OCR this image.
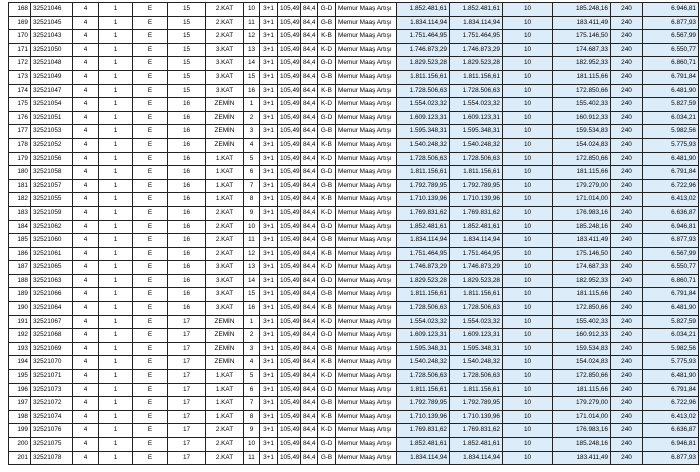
168	32521046	4	1	E	15	2.KAT	10	3+1	105,49	84,4	G-D	Memur Maaş Artışı	1.852.481,61	1.852.481,61	10	185.248,16	240	6.946,81
169	32521045	4	1	E	15	2.KAT	11	3+1	105,49	84,4	G-B	Memur Maaş Artışı	1.834.114,94	1.834.114,94	10	183.411,49	240	6.877,93
170	32521043	4	1	E	15	2.KAT	12	3+1	105,49	84,4	K-B	Memur Maaş Artışı	1.751.464,95	1.751.464,95	10	175.146,50	240	6.567,99
171	32521050	4	1	E	15	3.KAT	13	3+1	105,49	84,4	K-D	Memur Maaş Artışı	1.746.873,29	1.746.873,29	10	174.687,33	240	6.550,77
172	32521048	4	1	E	15	3.KAT	14	3+1	105,49	84,4	G-D	Memur Maaş Artışı	1.829.523,28	1.829.523,28	10	182.952,33	240	6.860,71
173	32521049	4	1	E	15	3.KAT	15	3+1	105,49	84,4	G-B	Memur Maaş Artışı	1.811.156,61	1.811.156,61	10	181.115,66	240	6.791,84
174	32521047	4	1	E	15	3.KAT	16	3+1	105,49	84,4	K-B	Memur Maaş Artışı	1.728.506,63	1.728.506,63	10	172.850,66	240	6.481,90
175	32521054	4	1	E	16	ZEMİN	1	3+1	105,49	84,4	K-D	Memur Maaş Artışı	1.554.023,32	1.554.023,32	10	155.402,33	240	5.827,59
176	32521051	4	1	E	16	ZEMİN	2	3+1	105,49	84,4	G-D	Memur Maaş Artışı	1.609.123,31	1.609.123,31	10	160.912,33	240	6.034,21
177	32521053	4	1	E	16	ZEMİN	3	3+1	105,49	84,4	G-B	Memur Maaş Artışı	1.595.348,31	1.595.348,31	10	159.534,83	240	5.982,56
178	32521052	4	1	E	16	ZEMİN	4	3+1	105,49	84,4	K-B	Memur Maaş Artışı	1.540.248,32	1.540.248,32	10	154.024,83	240	5.775,93
179	32521056	4	1	E	16	1.KAT	5	3+1	105,49	84,4	K-D	Memur Maaş Artışı	1.728.506,63	1.728.506,63	10	172.850,66	240	6.481,90
180	32521058	4	1	E	16	1.KAT	6	3+1	105,49	84,4	G-D	Memur Maaş Artışı	1.811.156,61	1.811.156,61	10	181.115,66	240	6.791,84
181	32521057	4	1	E	16	1.KAT	7	3+1	105,49	84,4	G-B	Memur Maaş Artışı	1.792.789,95	1.792.789,95	10	179.279,00	240	6.722,96
182	32521055	4	1	E	16	1.KAT	8	3+1	105,49	84,4	K-B	Memur Maaş Artışı	1.710.139,96	1.710.139,96	10	171.014,00	240	6.413,02
183	32521059	4	1	E	16	2.KAT	9	3+1	105,49	84,4	K-D	Memur Maaş Artışı	1.769.831,62	1.769.831,62	10	176.983,16	240	6.636,87
184	32521062	4	1	E	16	2.KAT	10	3+1	105,49	84,4	G-D	Memur Maaş Artışı	1.852.481,61	1.852.481,61	10	185.248,16	240	6.946,81
185	32521060	4	1	E	16	2.KAT	11	3+1	105,49	84,4	G-B	Memur Maaş Artışı	1.834.114,94	1.834.114,94	10	183.411,49	240	6.877,93
186	32521061	4	1	E	16	2.KAT	12	3+1	105,49	84,4	K-B	Memur Maaş Artışı	1.751.464,95	1.751.464,95	10	175.146,50	240	6.567,99
187	32521065	4	1	E	16	3.KAT	13	3+1	105,49	84,4	K-D	Memur Maaş Artışı	1.746.873,29	1.746.873,29	10	174.687,33	240	6.550,77
188	32521063	4	1	E	16	3.KAT	14	3+1	105,49	84,4	G-D	Memur Maaş Artışı	1.829.523,28	1.829.523,28	10	182.952,33	240	6.860,71
189	32521066	4	1	E	16	3.KAT	15	3+1	105,49	84,4	G-B	Memur Maaş Artışı	1.811.156,61	1.811.156,61	10	181.115,66	240	6.791,84
190	32521064	4	1	E	16	3.KAT	16	3+1	105,49	84,4	K-B	Memur Maaş Artışı	1.728.506,63	1.728.506,63	10	172.850,66	240	6.481,90
191	32521067	4	1	E	17	ZEMİN	1	3+1	105,49	84,4	K-D	Memur Maaş Artışı	1.554.023,32	1.554.023,32	10	155.402,33	240	5.827,59
192	32521068	4	1	E	17	ZEMİN	2	3+1	105,49	84,4	G-D	Memur Maaş Artışı	1.609.123,31	1.609.123,31	10	160.912,33	240	6.034,21
193	32521069	4	1	E	17	ZEMİN	3	3+1	105,49	84,4	G-B	Memur Maaş Artışı	1.595.348,31	1.595.348,31	10	159.534,83	240	5.982,56
194	32521070	4	1	E	17	ZEMİN	4	3+1	105,49	84,4	K-B	Memur Maaş Artışı	1.540.248,32	1.540.248,32	10	154.024,83	240	5.775,93
195	32521071	4	1	E	17	1.KAT	5	3+1	105,49	84,4	K-D	Memur Maaş Artışı	1.728.506,63	1.728.506,63	10	172.850,66	240	6.481,90
196	32521073	4	1	E	17	1.KAT	6	3+1	105,49	84,4	G-D	Memur Maaş Artışı	1.811.156,61	1.811.156,61	10	181.115,66	240	6.791,84
197	32521072	4	1	E	17	1.KAT	7	3+1	105,49	84,4	G-B	Memur Maaş Artışı	1.792.789,95	1.792.789,95	10	179.279,00	240	6.722,96
198	32521074	4	1	E	17	1.KAT	8	3+1	105,49	84,4	K-B	Memur Maaş Artışı	1.710.139,96	1.710.139,96	10	171.014,00	240	6.413,02
199	32521076	4	1	E	17	2.KAT	9	3+1	105,49	84,4	K-D	Memur Maaş Artışı	1.769.831,62	1.769.831,62	10	176.983,16	240	6.636,87
200	32521075	4	1	E	17	2.KAT	10	3+1	105,49	84,4	G-D	Memur Maaş Artışı	1.852.481,61	1.852.481,61	10	185.248,16	240	6.946,81
201	32521078	4	1	E	17	2.KAT	11	3+1	105,49	84,4	G-B	Memur Maaş Artışı	1.834.114,94	1.834.114,94	10	183.411,49	240	6.877,93
